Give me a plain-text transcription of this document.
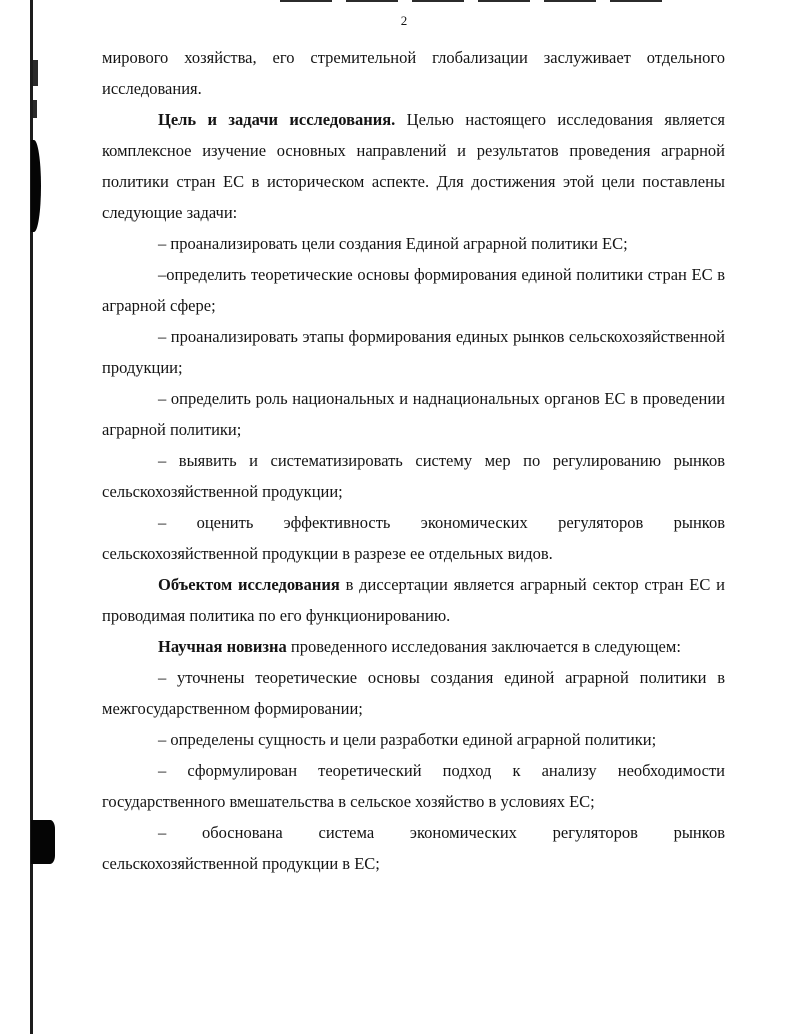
2

мирового хозяйства, его стремительной глобализации заслуживает отдельного исследования.

Цель и задачи исследования. Целью настоящего исследования является комплексное изучение основных направлений и результатов проведения аграрной политики стран ЕС в историческом аспекте. Для достижения этой цели поставлены следующие задачи:

– проанализировать цели создания Единой аграрной политики ЕС;

–определить теоретические основы формирования единой политики стран ЕС в аграрной сфере;

– проанализировать этапы формирования единых рынков сельскохозяйственной продукции;

– определить роль национальных и наднациональных органов ЕС в проведении аграрной политики;

– выявить и систематизировать систему мер по регулированию рынков сельскохозяйственной продукции;

– оценить эффективность экономических регуляторов рынков сельскохозяйственной продукции в разрезе ее отдельных видов.

Объектом исследования в диссертации является аграрный сектор стран ЕС и проводимая политика по его функционированию.

Научная новизна проведенного исследования заключается в следующем:

– уточнены теоретические основы создания единой аграрной политики в межгосударственном формировании;

– определены сущность и цели разработки единой аграрной политики;

– сформулирован теоретический подход к анализу необходимости государственного вмешательства в сельское хозяйство в условиях ЕС;

– обоснована система экономических регуляторов рынков сельскохозяйственной продукции в ЕС;
